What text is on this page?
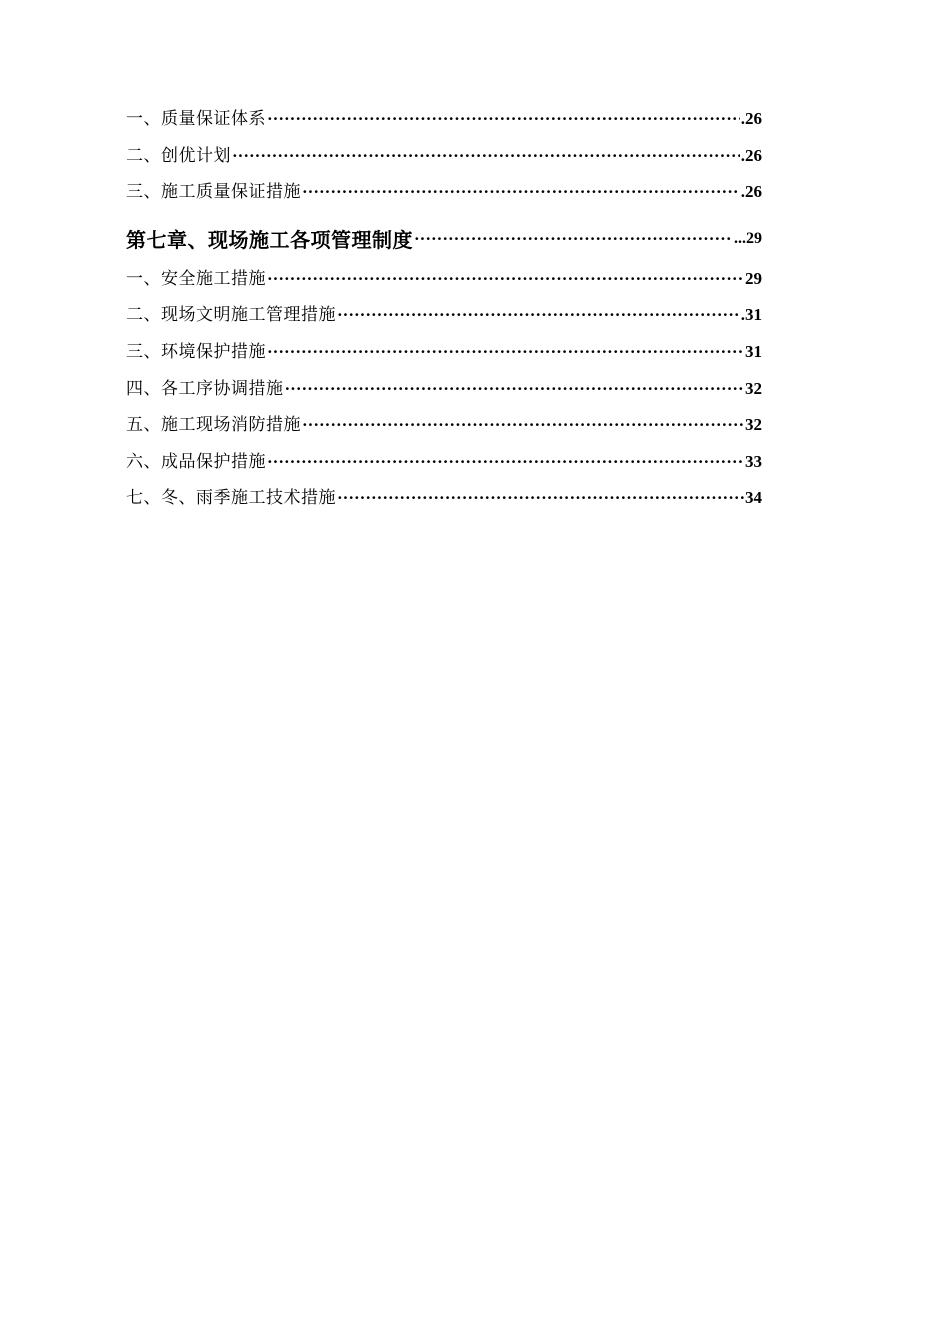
一、质量保证体系 ·····	.26
二、创优计划 ·····	.26
三、施工质量保证措施 ·····	.26
第七章、现场施工各项管理制度 ·····	...29
一、安全施工措施 ·····	29
二、现场文明施工管理措施 ·····	.31
三、环境保护措施 ·····	31
四、各工序协调措施 ·····	32
五、施工现场消防措施 ·····	32
六、成品保护措施 ·····	33
七、冬、雨季施工技术措施 ·····	34
